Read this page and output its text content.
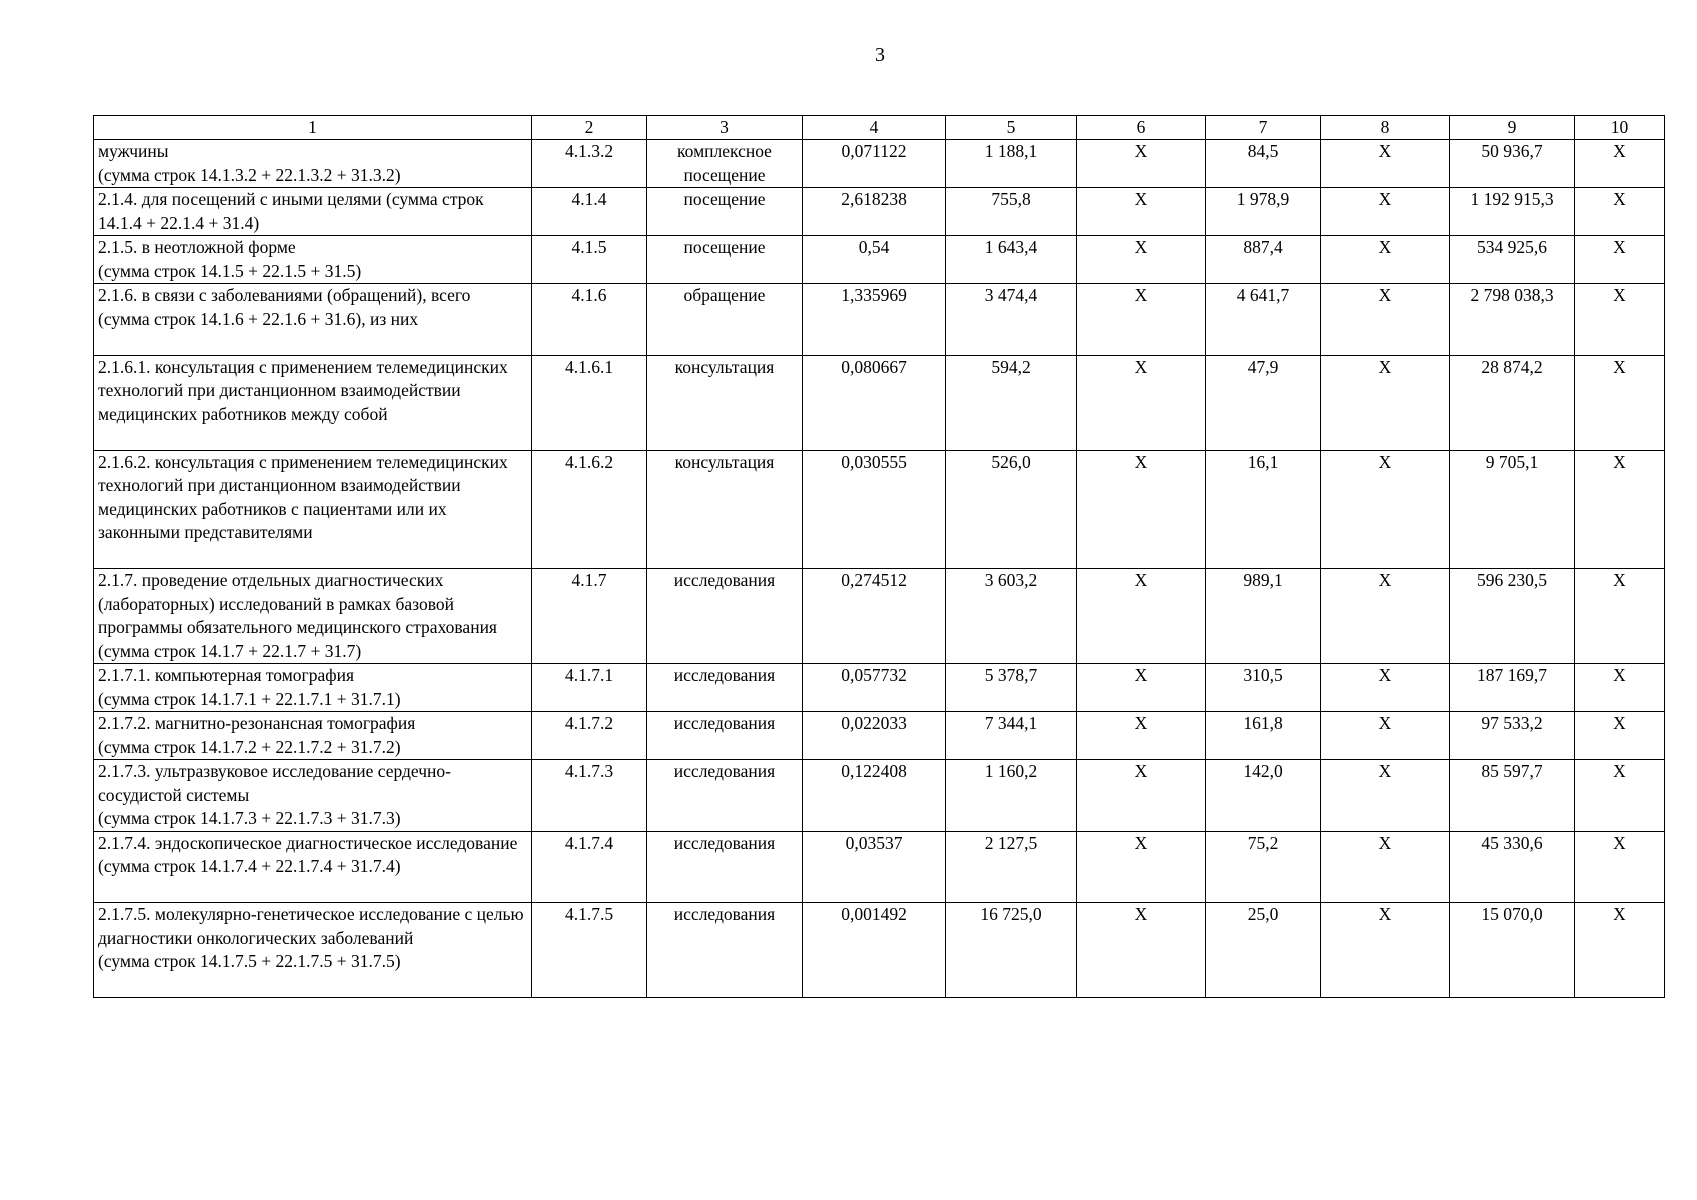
3
1	2	3	4	5	6	7	8	9	10
мужчины
(сумма строк 14.1.3.2 + 22.1.3.2 + 31.3.2)	4.1.3.2	комплексное посещение	0,071122	1 188,1	Х	84,5	Х	50 936,7	Х
2.1.4. для посещений с иными целями (сумма строк 14.1.4 + 22.1.4 + 31.4)	4.1.4	посещение	2,618238	755,8	Х	1 978,9	Х	1 192 915,3	Х
2.1.5. в неотложной форме
(сумма строк 14.1.5 + 22.1.5 + 31.5)	4.1.5	посещение	0,54	1 643,4	Х	887,4	Х	534 925,6	Х
2.1.6. в связи с заболеваниями (обращений), всего
(сумма строк 14.1.6 + 22.1.6 + 31.6), из них	4.1.6	обращение	1,335969	3 474,4	Х	4 641,7	Х	2 798 038,3	Х
2.1.6.1. консультация с применением телемедицинских технологий при дистанционном взаимодействии медицинских работников между собой	4.1.6.1	консультация	0,080667	594,2	Х	47,9	Х	28 874,2	Х
2.1.6.2. консультация с применением телемедицинских технологий при дистанционном взаимодействии медицинских работников с пациентами или их законными представителями	4.1.6.2	консультация	0,030555	526,0	Х	16,1	Х	9 705,1	Х
2.1.7. проведение отдельных диагностических (лабораторных) исследований в рамках базовой программы обязательного медицинского страхования (сумма строк 14.1.7 + 22.1.7 + 31.7)	4.1.7	исследования	0,274512	3 603,2	Х	989,1	Х	596 230,5	Х
2.1.7.1. компьютерная томография
(сумма строк 14.1.7.1 + 22.1.7.1 + 31.7.1)	4.1.7.1	исследования	0,057732	5 378,7	Х	310,5	Х	187 169,7	Х
2.1.7.2. магнитно-резонансная томография
(сумма строк 14.1.7.2 + 22.1.7.2 + 31.7.2)	4.1.7.2	исследования	0,022033	7 344,1	Х	161,8	Х	97 533,2	Х
2.1.7.3. ультразвуковое исследование сердечно-сосудистой системы
(сумма строк 14.1.7.3 + 22.1.7.3 + 31.7.3)	4.1.7.3	исследования	0,122408	1 160,2	Х	142,0	Х	85 597,7	Х
2.1.7.4. эндоскопическое диагностическое исследование
(сумма строк 14.1.7.4 + 22.1.7.4 + 31.7.4)	4.1.7.4	исследования	0,03537	2 127,5	Х	75,2	Х	45 330,6	Х
2.1.7.5. молекулярно-генетическое исследование с целью диагностики онкологических заболеваний
(сумма строк 14.1.7.5 + 22.1.7.5 + 31.7.5)	4.1.7.5	исследования	0,001492	16 725,0	Х	25,0	Х	15 070,0	Х
